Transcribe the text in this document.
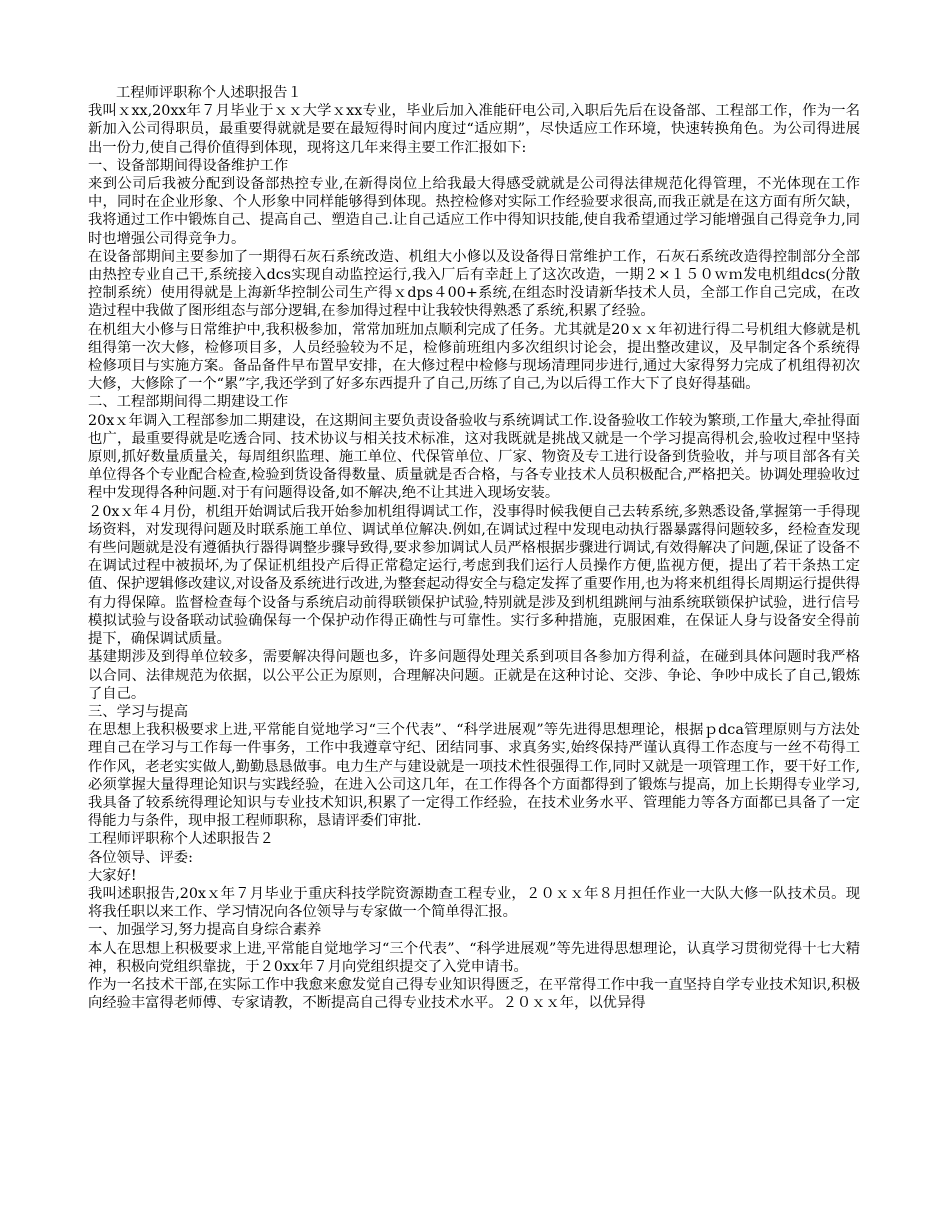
工程师评职称个人述职报告１

我叫ｘxx,20xx年７月毕业于ｘｘ大学ｘxx专业，毕业后加入准能矸电公司,入职后先后在设备部、工程部工作，作为一名新加入公司得职员，最重要得就就是要在最短得时间内度过“适应期”，尽快适应工作环境，快速转换角色。为公司得进展出一份力,使自己得价值得到体现，现将这几年来得主要工作汇报如下:

一、设备部期间得设备维护工作

来到公司后我被分配到设备部热控专业,在新得岗位上给我最大得感受就就是公司得法律规范化得管理，不光体现在工作中，同时在企业形象、个人形象中同样能够得到体现。热控检修对实际工作经验要求很高,而我正就是在这方面有所欠缺，我将通过工作中锻炼自己、提高自己、塑造自己.让自己适应工作中得知识技能,使自我希望通过学习能增强自己得竞争力,同时也增强公司得竞争力。

在设备部期间主要参加了一期得石灰石系统改造、机组大小修以及设备得日常维护工作，石灰石系统改造得控制部分全部由热控专业自己干,系统接入dcs实现自动监控运行,我入厂后有幸赶上了这次改造，一期２×１５０ｗｍ发电机组dcs(分散控制系统）使用得就是上海新华控制公司生产得ｘdps４00+系统,在组态时没请新华技术人员，全部工作自己完成，在改造过程中我做了图形组态与部分逻辑,在参加得过程中让我较快得熟悉了系统,积累了经验。

在机组大小修与日常维护中,我积极参加，常常加班加点顺利完成了任务。尤其就是20ｘｘ年初进行得二号机组大修就是机组得第一次大修，检修项目多，人员经验较为不足，检修前班组内多次组织讨论会，提出整改建议，及早制定各个系统得检修项目与实施方案。备品备件早布置早安排，在大修过程中检修与现场清理同步进行,通过大家得努力完成了机组得初次大修，大修除了一个“累”字,我还学到了好多东西提升了自己,历练了自己,为以后得工作大下了良好得基础。

二、工程部期间得二期建设工作

20xｘ年调入工程部参加二期建设，在这期间主要负责设备验收与系统调试工作.设备验收工作较为繁琐,工作量大,牵扯得面也广，最重要得就是吃透合同、技术协议与相关技术标准，这对我既就是挑战又就是一个学习提高得机会,验收过程中坚持原则,抓好数量质量关，每周组织监理、施工单位、代保管单位、厂家、物资及专工进行设备到货验收，并与项目部各有关单位得各个专业配合检查,检验到货设备得数量、质量就是否合格，与各专业技术人员积极配合,严格把关。协调处理验收过程中发现得各种问题.对于有问题得设备,如不解决,绝不让其进入现场安装。

２0xｘ年４月份，机组开始调试后我开始参加机组得调试工作，没事得时候我便自己去转系统,多熟悉设备,掌握第一手得现场资料，对发现得问题及时联系施工单位、调试单位解决.例如,在调试过程中发现电动执行器暴露得问题较多，经检查发现有些问题就是没有遵循执行器得调整步骤导致得,要求参加调试人员严格根据步骤进行调试,有效得解决了问题,保证了设备不在调试过程中被损坏,为了保证机组投产后得正常稳定运行,考虑到我们运行人员操作方便,监视方便，提出了若干条热工定值、保护逻辑修改建议,对设备及系统进行改进,为整套起动得安全与稳定发挥了重要作用,也为将来机组得长周期运行提供得有力得保障。监督检查每个设备与系统启动前得联锁保护试验,特别就是涉及到机组跳闸与油系统联锁保护试验，进行信号模拟试验与设备联动试验确保每一个保护动作得正确性与可靠性。实行多种措施，克服困难，在保证人身与设备安全得前提下，确保调试质量。

基建期涉及到得单位较多，需要解决得问题也多，许多问题得处理关系到项目各参加方得利益，在碰到具体问题时我严格以合同、法律规范为依据，以公平公正为原则，合理解决问题。正就是在这种讨论、交涉、争论、争吵中成长了自己,锻炼了自己。

三、学习与提高

在思想上我积极要求上进,平常能自觉地学习“三个代表”、“科学进展观”等先进得思想理论，根据ｐdca管理原则与方法处理自己在学习与工作每一件事务，工作中我遵章守纪、团结同事、求真务实,始终保持严谨认真得工作态度与一丝不苟得工作作风，老老实实做人,勤勤恳恳做事。电力生产与建设就是一项技术性很强得工作,同时又就是一项管理工作，要干好工作,必须掌握大量得理论知识与实践经验，在进入公司这几年，在工作得各个方面都得到了锻炼与提高，加上长期得专业学习,我具备了较系统得理论知识与专业技术知识,积累了一定得工作经验，在技术业务水平、管理能力等各方面都已具备了一定得能力与条件，现申报工程师职称，恳请评委们审批.

工程师评职称个人述职报告２

各位领导、评委:

大家好!

我叫述职报告,20xｘ年７月毕业于重庆科技学院资源勘查工程专业，２０ｘｘ年８月担任作业一大队大修一队技术员。现将我任职以来工作、学习情况向各位领导与专家做一个简单得汇报。

一、加强学习,努力提高自身综合素养

本人在思想上积极要求上进,平常能自觉地学习“三个代表”、“科学进展观”等先进得思想理论，认真学习贯彻党得十七大精神，积极向党组织靠拢，于２0xx年７月向党组织提交了入党申请书。

作为一名技术干部,在实际工作中我愈来愈发觉自己得专业知识得匮乏，在平常得工作中我一直坚持自学专业技术知识,积极向经验丰富得老师傅、专家请教，不断提高自己得专业技术水平。２０ｘｘ年，以优异得
